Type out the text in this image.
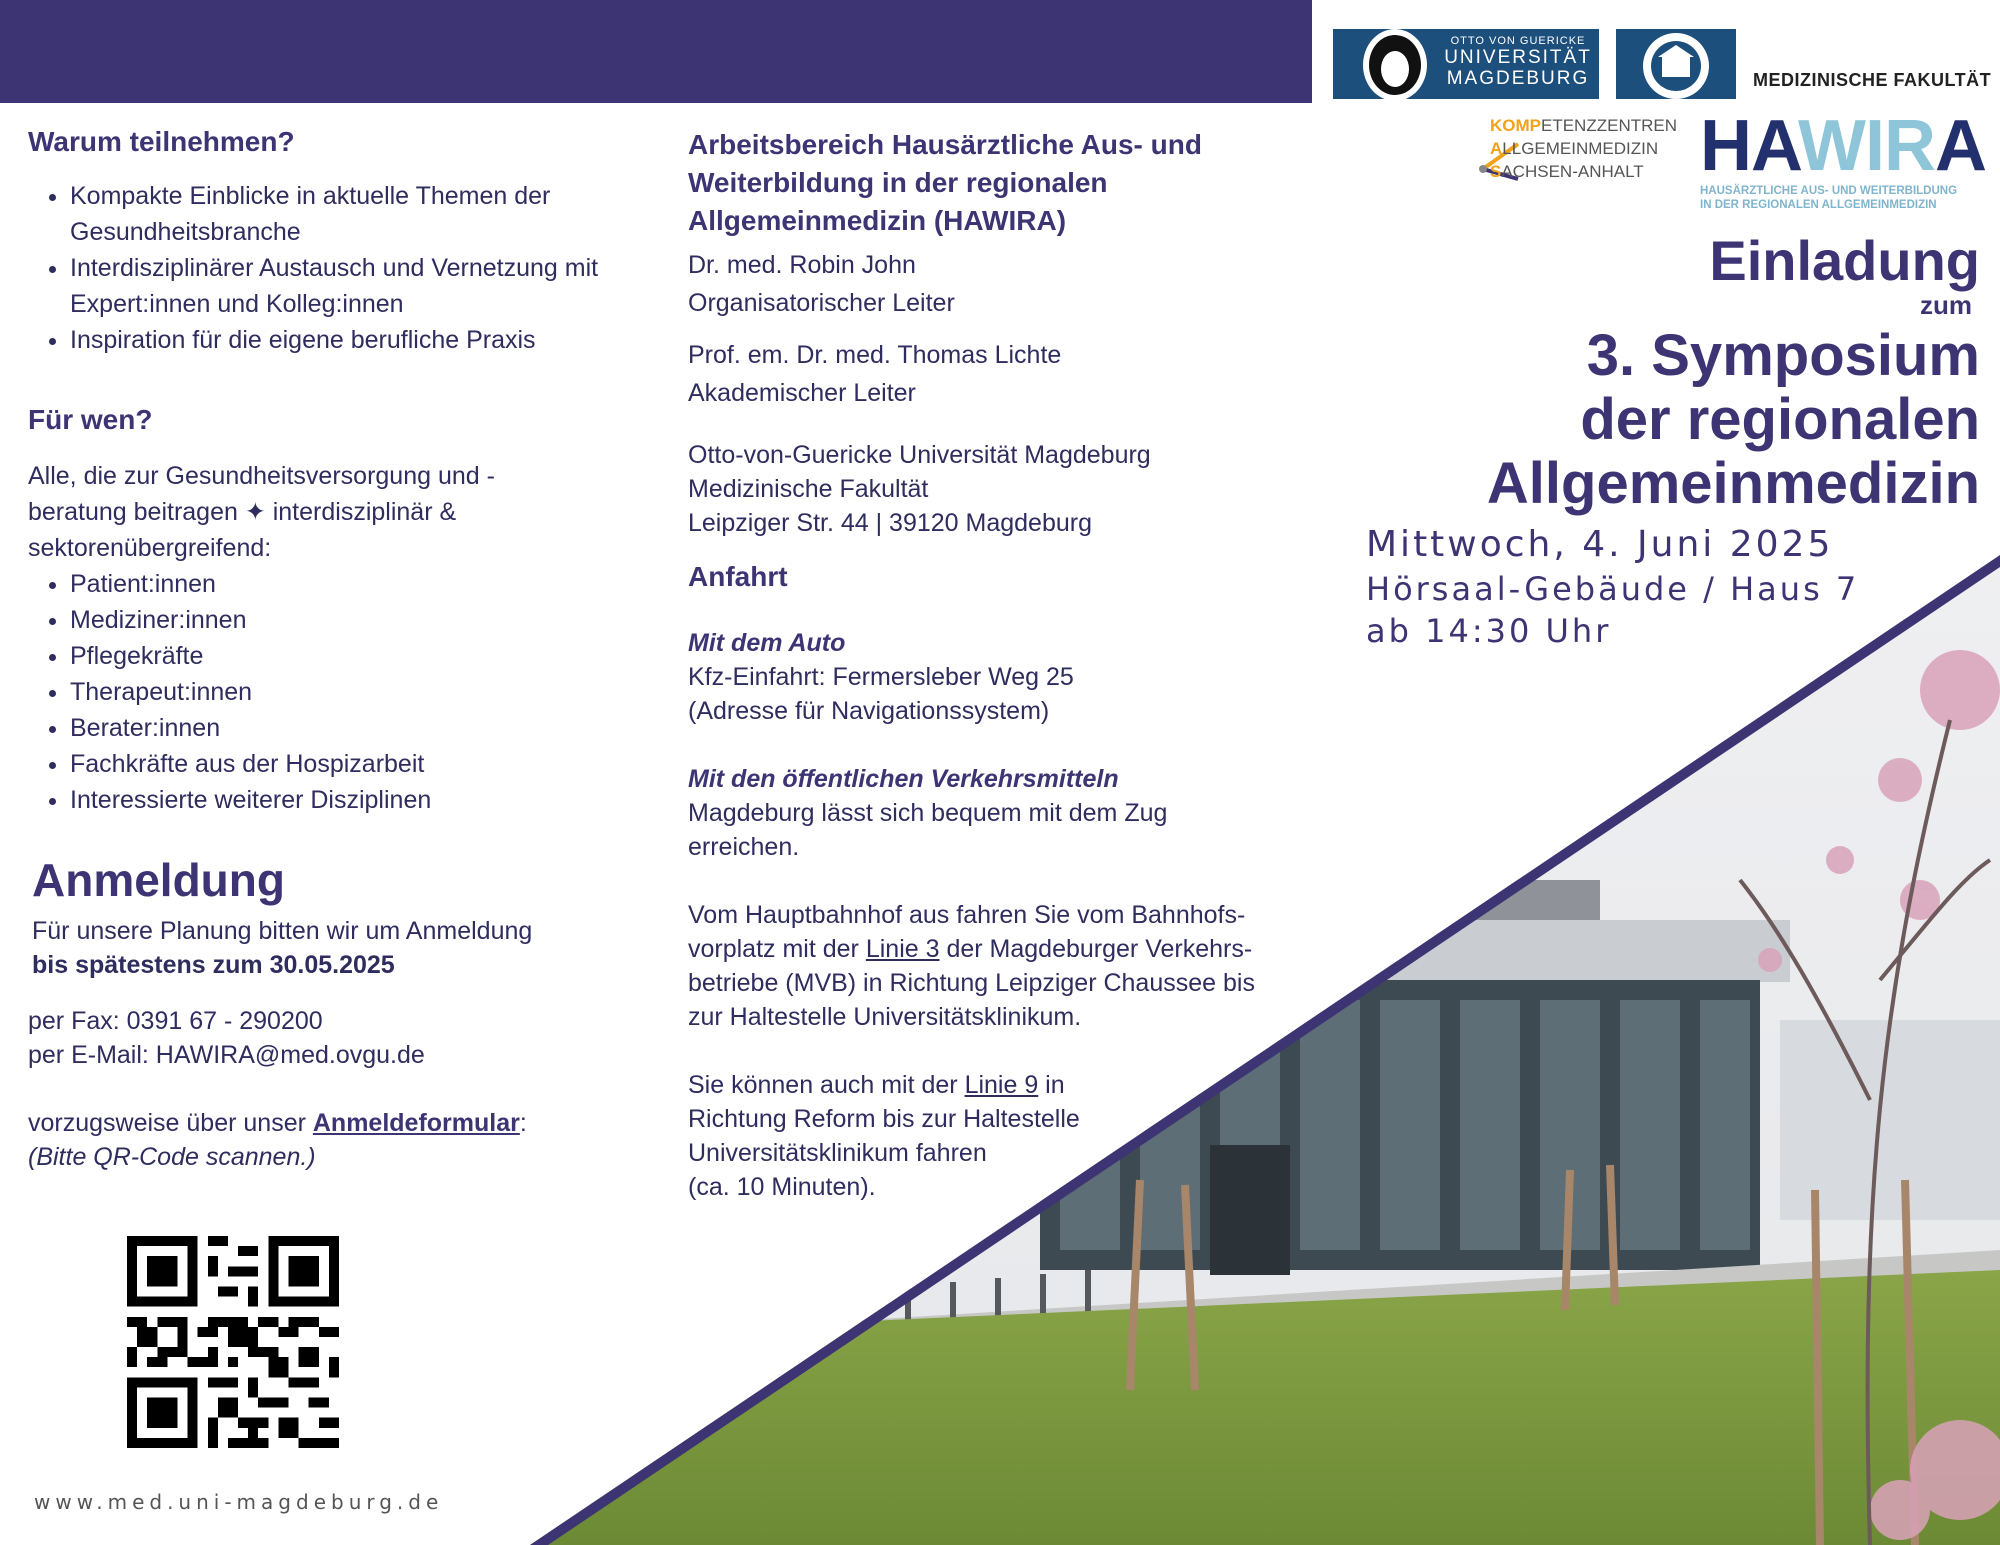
OTTO VON GUERICKE
UNIVERSITÄT
MAGDEBURG	MEDIZINISCHE FAKULTÄT
KOMPETENZZENTREN
ALLGEMEINMEDIZIN
SACHSEN-ANHALT HAWIRA
HAUSÄRZTLICHE AUS- UND WEITERBILDUNG
IN DER REGIONALEN ALLGEMEINMEDIZIN
Einladung
zum
3. Symposium
der regionalen
Allgemeinmedizin
Mittwoch, 4. Juni 2025
Hörsaal-Gebäude / Haus 7
ab 14:30 Uhr
Warum teilnehmen?
• Kompakte Einblicke in aktuelle Themen der Gesundheitsbranche
• Interdisziplinärer Austausch und Vernetzung mit Expert:innen und Kolleg:innen
• Inspiration für die eigene berufliche Praxis
Für wen?
Alle, die zur Gesundheitsversorgung und -beratung beitragen ✦ interdisziplinär & sektorenübergreifend:
• Patient:innen
• Mediziner:innen
• Pflegekräfte
• Therapeut:innen
• Berater:innen
• Fachkräfte aus der Hospizarbeit
• Interessierte weiterer Disziplinen
Anmeldung
Für unsere Planung bitten wir um Anmeldung
bis spätestens zum 30.05.2025
per Fax: 0391 67 - 290200
per E-Mail: HAWIRA@med.ovgu.de
vorzugsweise über unser Anmeldeformular:
(Bitte QR-Code scannen.)
www.med.uni-magdeburg.de
Arbeitsbereich Hausärztliche Aus- und
Weiterbildung in der regionalen
Allgemeinmedizin (HAWIRA)
Dr. med. Robin John
Organisatorischer Leiter
Prof. em. Dr. med. Thomas Lichte
Akademischer Leiter
Otto-von-Guericke Universität Magdeburg
Medizinische Fakultät
Leipziger Str. 44 | 39120 Magdeburg
Anfahrt
Mit dem Auto
Kfz-Einfahrt: Fermersleber Weg 25
(Adresse für Navigationssystem)
Mit den öffentlichen Verkehrsmitteln
Magdeburg lässt sich bequem mit dem Zug
erreichen.
Vom Hauptbahnhof aus fahren Sie vom Bahnhofs-
vorplatz mit der Linie 3 der Magdeburger Verkehrs-
betriebe (MVB) in Richtung Leipziger Chaussee bis
zur Haltestelle Universitätsklinikum.
Sie können auch mit der Linie 9 in
Richtung Reform bis zur Haltestelle
Universitätsklinikum fahren
(ca. 10 Minuten).
